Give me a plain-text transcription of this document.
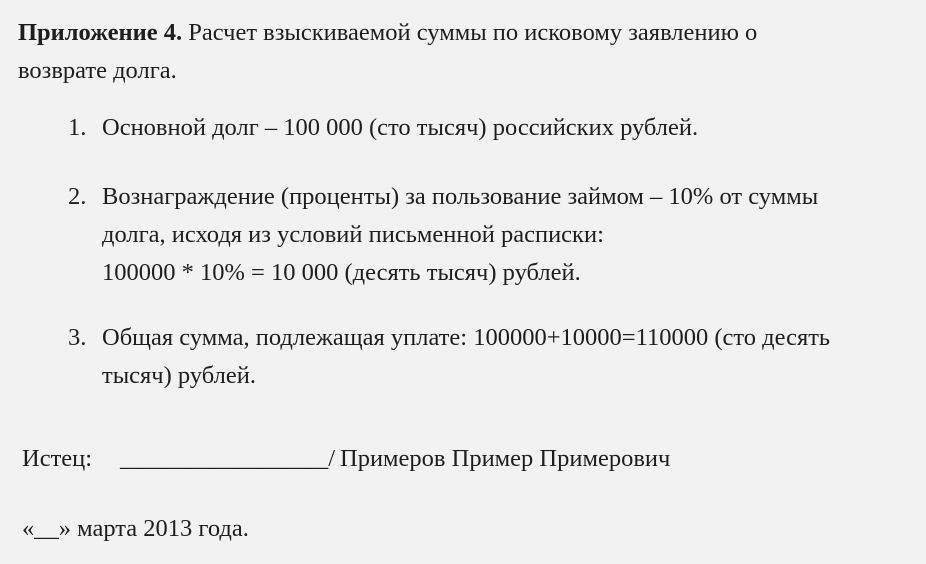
Приложение 4. Расчет взыскиваемой суммы по исковому заявлению о
возврате долга.

1. Основной долг – 100 000 (сто тысяч) российских рублей.
2. Вознаграждение (проценты) за пользование займом – 10% от суммы
долга, исходя из условий письменной расписки:
100000 * 10% = 10 000 (десять тысяч) рублей.
3. Общая сумма, подлежащая уплате: 100000+10000=110000 (сто десять
тысяч) рублей.
Истец: _________________/ Примеров Пример Примерович
«__» марта 2013 года.
